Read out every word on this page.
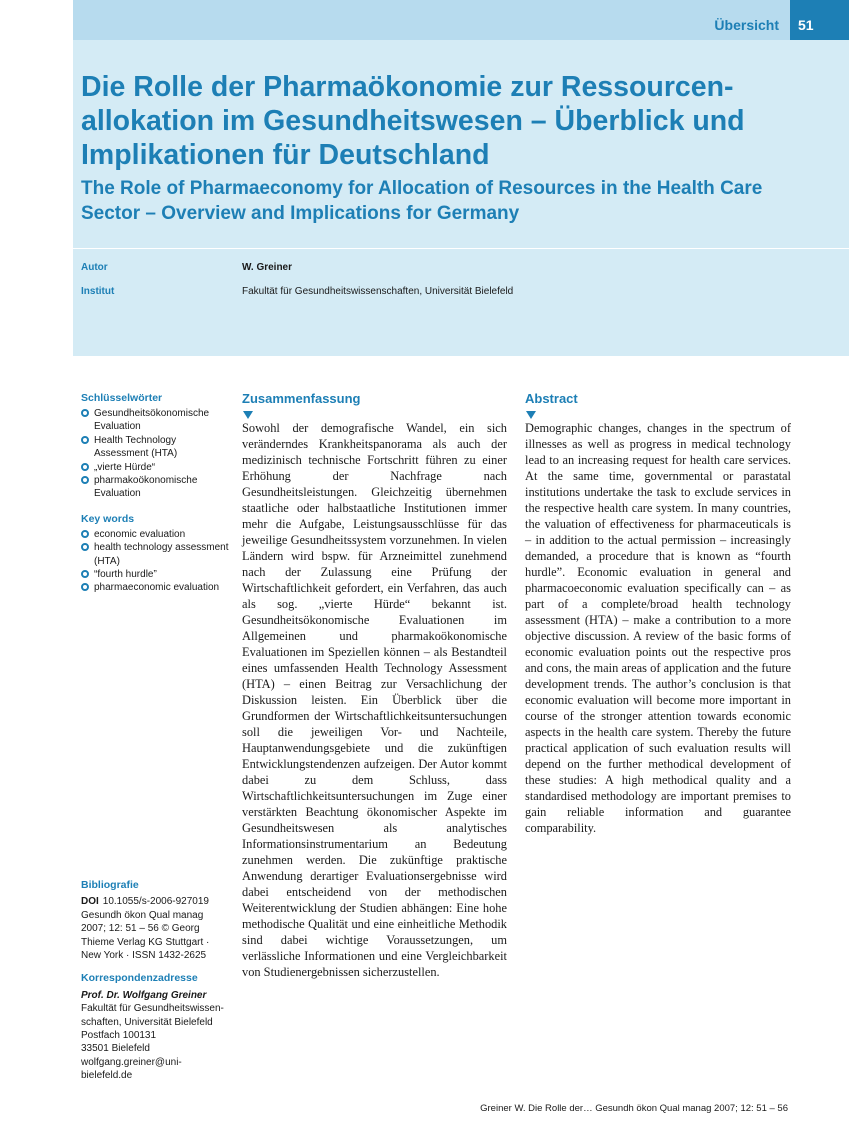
Übersicht	51
Die Rolle der Pharmaökonomie zur Ressourcenallokation im Gesundheitswesen – Überblick und Implikationen für Deutschland
The Role of Pharmaeconomy for Allocation of Resources in the Health Care Sector – Overview and Implications for Germany
Autor	W. Greiner
Institut	Fakultät für Gesundheitswissenschaften, Universität Bielefeld
Schlüsselwörter
Gesundheitsökonomische Evaluation
Health Technology Assessment (HTA)
„vierte Hürde“
pharmakoökonomische Evaluation
Key words
economic evaluation
health technology assessment (HTA)
“fourth hurdle”
pharmaeconomic evaluation
Bibliografie
DOI 10.1055/s-2006-927019
Gesundh ökon Qual manag 2007; 12: 51 – 56 © Georg Thieme Verlag KG Stuttgart · New York · ISSN 1432-2625
Korrespondenzadresse
Prof. Dr. Wolfgang Greiner
Fakultät für Gesundheitswissenschaften, Universität Bielefeld
Postfach 100131
33501 Bielefeld
wolfgang.greiner@uni-bielefeld.de
Zusammenfassung

Sowohl der demografische Wandel, ein sich veränderndes Krankheitspanorama als auch der medizinisch technische Fortschritt führen zu einer Erhöhung der Nachfrage nach Gesundheitsleistungen. Gleichzeitig übernehmen staatliche oder halbstaatliche Institutionen immer mehr die Aufgabe, Leistungsausschlüsse für das jeweilige Gesundheitssystem vorzunehmen. In vielen Ländern wird bspw. für Arzneimittel zunehmend nach der Zulassung eine Prüfung der Wirtschaftlichkeit gefordert, ein Verfahren, das auch als sog. „vierte Hürde“ bekannt ist. Gesundheitsökonomische Evaluationen im Allgemeinen und pharmakoökonomische Evaluationen im Speziellen können – als Bestandteil eines umfassenden Health Technology Assessment (HTA) – einen Beitrag zur Versachlichung der Diskussion leisten. Ein Überblick über die Grundformen der Wirtschaftlichkeitsuntersuchungen soll die jeweiligen Vor- und Nachteile, Hauptanwendungsgebiete und die zukünftigen Entwicklungstendenzen aufzeigen. Der Autor kommt dabei zu dem Schluss, dass Wirtschaftlichkeitsuntersuchungen im Zuge einer verstärkten Beachtung ökonomischer Aspekte im Gesundheitswesen als analytisches Informationsinstrumentarium an Bedeutung zunehmen werden. Die zukünftige praktische Anwendung derartiger Evaluationsergebnisse wird dabei entscheidend von der methodischen Weiterentwicklung der Studien abhängen: Eine hohe methodische Qualität und eine einheitliche Methodik sind dabei wichtige Voraussetzungen, um verlässliche Informationen und eine Vergleichbarkeit von Studienergebnissen sicherzustellen.

Abstract

Demographic changes, changes in the spectrum of illnesses as well as progress in medical technology lead to an increasing request for health care services. At the same time, governmental or parastatal institutions undertake the task to exclude services in the respective health care system. In many countries, the valuation of effectiveness for pharmaceuticals is – in addition to the actual permission – increasingly demanded, a procedure that is known as “fourth hurdle”. Economic evaluation in general and pharmacoeconomic evaluation specifically can – as part of a complete/broad health technology assessment (HTA) – make a contribution to a more objective discussion. A review of the basic forms of economic evaluation points out the respective pros and cons, the main areas of application and the future development trends. The author’s conclusion is that economic evaluation will become more important in course of the stronger attention towards economic aspects in the health care system. Thereby the future practical application of such evaluation results will depend on the further methodical development of these studies: A high methodical quality and a standardised methodology are important premises to gain reliable information and guarantee comparability.

Greiner W. Die Rolle der… Gesundh ökon Qual manag 2007; 12: 51 – 56
